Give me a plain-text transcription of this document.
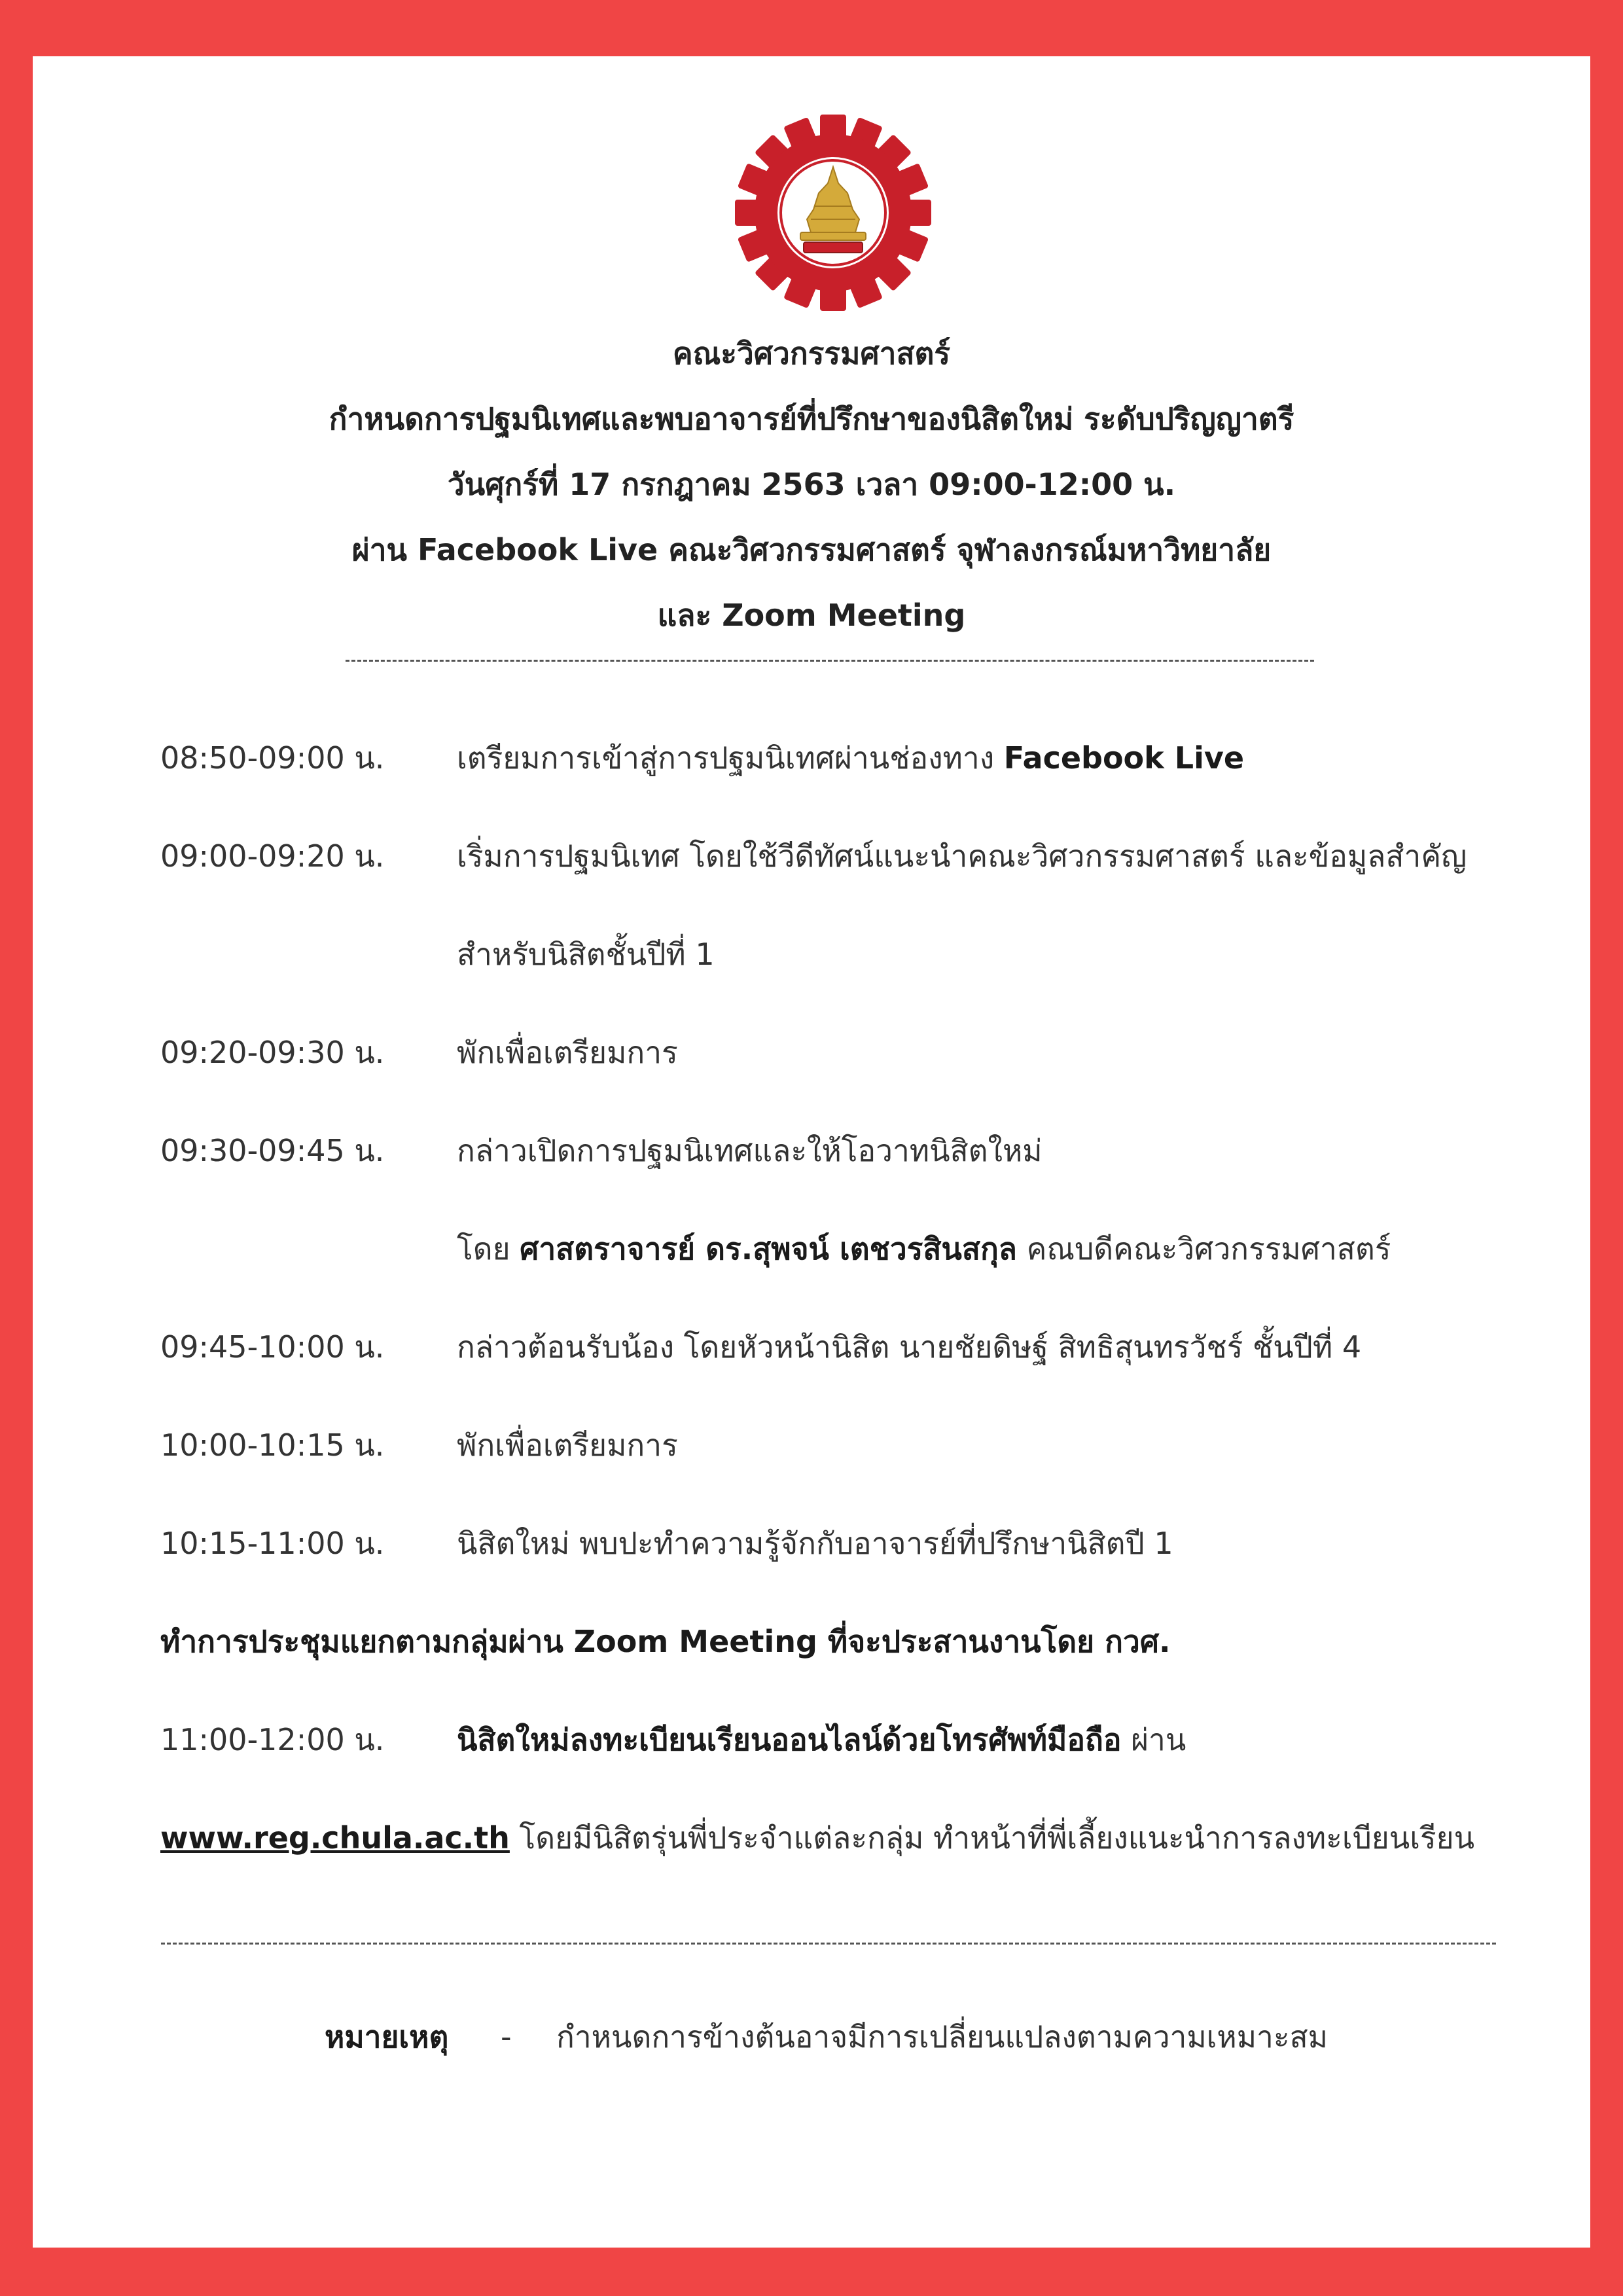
คณะวิศวกรรมศาสตร์
กำหนดการปฐมนิเทศและพบอาจารย์ที่ปรึกษาของนิสิตใหม่ ระดับปริญญาตรี
วันศุกร์ที่ 17 กรกฎาคม 2563 เวลา 09:00-12:00 น.
ผ่าน Facebook Live คณะวิศวกรรมศาสตร์ จุฬาลงกรณ์มหาวิทยาลัย
และ Zoom Meeting
08:50-09:00 น. เตรียมการเข้าสู่การปฐมนิเทศผ่านช่องทาง Facebook Live
09:00-09:20 น. เริ่มการปฐมนิเทศ โดยใช้วีดีทัศน์แนะนำคณะวิศวกรรมศาสตร์ และข้อมูลสำคัญ
สำหรับนิสิตชั้นปีที่ 1
09:20-09:30 น. พักเพื่อเตรียมการ
09:30-09:45 น. กล่าวเปิดการปฐมนิเทศและให้โอวาทนิสิตใหม่
โดย ศาสตราจารย์ ดร.สุพจน์ เตชวรสินสกุล คณบดีคณะวิศวกรรมศาสตร์
09:45-10:00 น. กล่าวต้อนรับน้อง โดยหัวหน้านิสิต นายชัยดิษฐ์ สิทธิสุนทรวัชร์ ชั้นปีที่ 4
10:00-10:15 น. พักเพื่อเตรียมการ
10:15-11:00 น. นิสิตใหม่ พบปะทำความรู้จักกับอาจารย์ที่ปรึกษานิสิตปี 1
ทำการประชุมแยกตามกลุ่มผ่าน Zoom Meeting ที่จะประสานงานโดย กวศ.
11:00-12:00 น. นิสิตใหม่ลงทะเบียนเรียนออนไลน์ด้วยโทรศัพท์มือถือ ผ่าน
www.reg.chula.ac.th โดยมีนิสิตรุ่นพี่ประจำแต่ละกลุ่ม ทำหน้าที่พี่เลี้ยงแนะนำการลงทะเบียนเรียน
หมายเหตุ - กำหนดการข้างต้นอาจมีการเปลี่ยนแปลงตามความเหมาะสม
